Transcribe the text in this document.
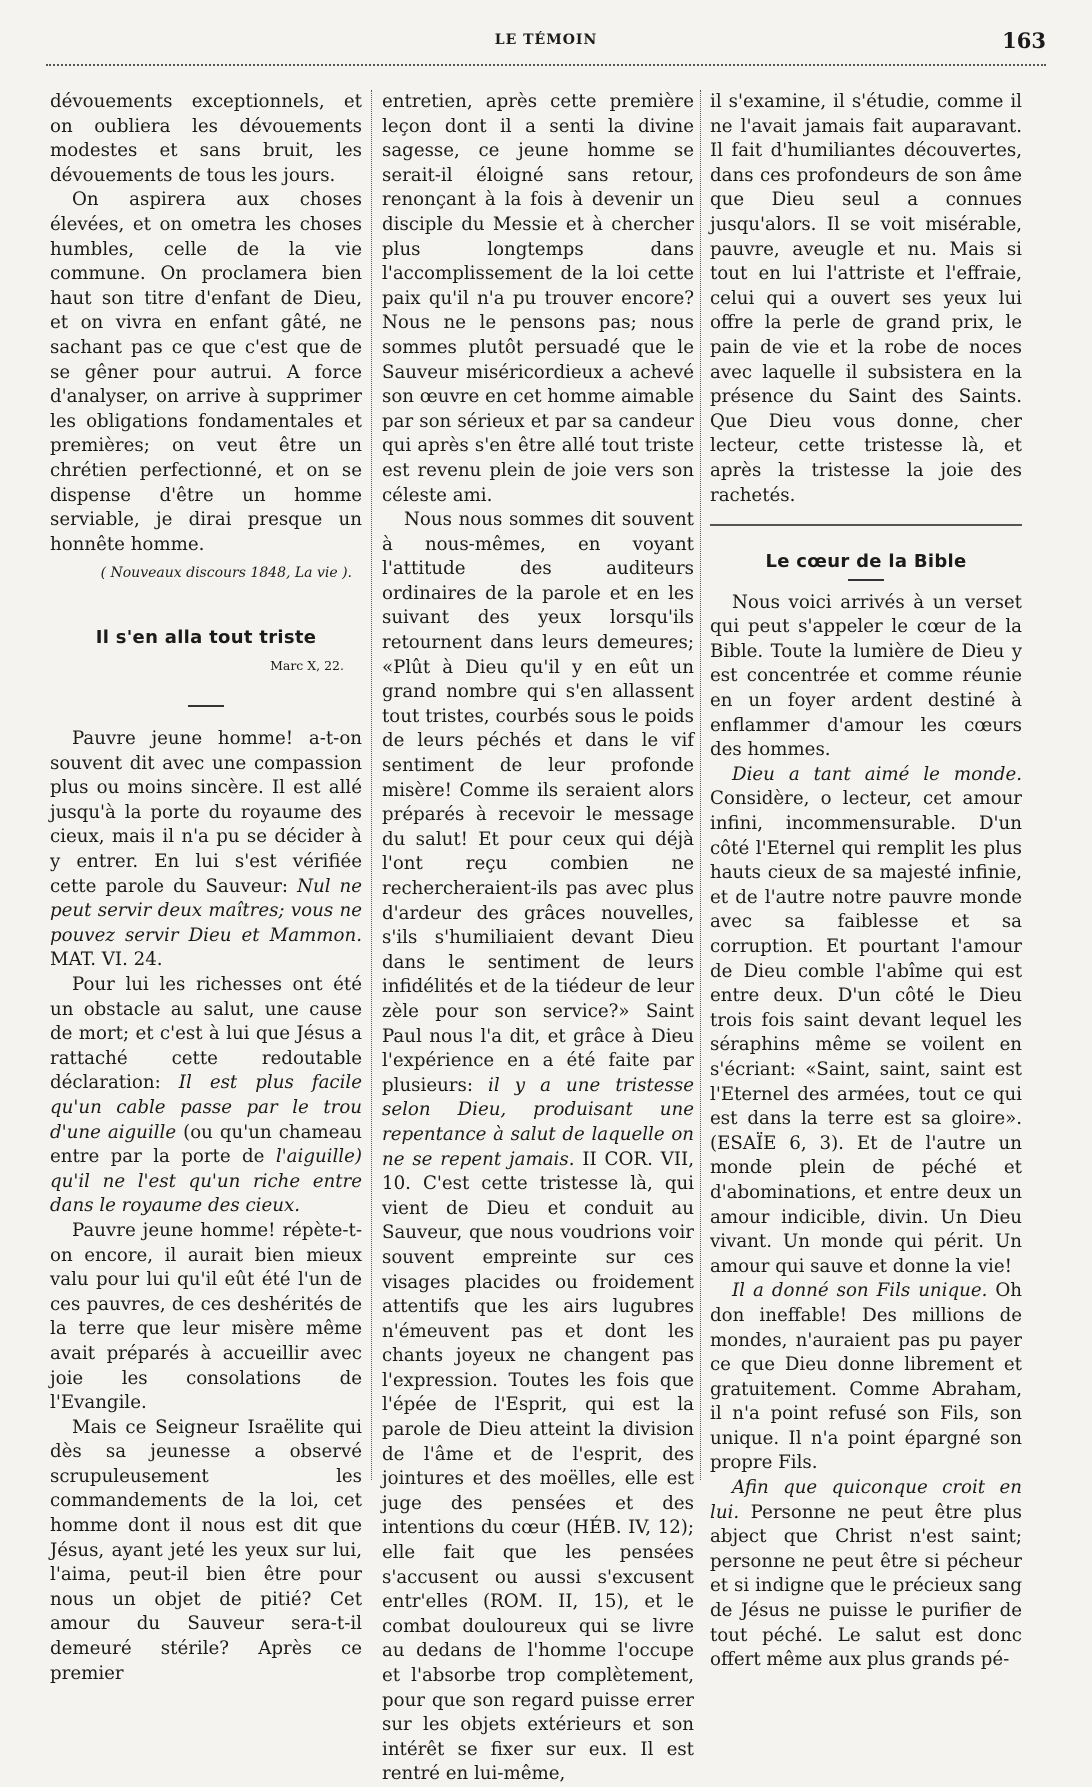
LE TÉMOIN	163

dévouements exceptionnels, et on oubliera les dévouements modestes et sans bruit, les dévouements de tous les jours.

On aspirera aux choses élevées, et on ometra les choses humbles, celle de la vie commune. On proclamera bien haut son titre d'enfant de Dieu, et on vivra en enfant gâté, ne sachant pas ce que c'est que de se gêner pour autrui. A force d'analyser, on arrive à supprimer les obligations fondamentales et premières; on veut être un chrétien perfectionné, et on se dispense d'être un homme serviable, je dirai presque un honnête homme.

( Nouveaux discours 1848, La vie ).

Il s'en alla tout triste
Marc X, 22.

Pauvre jeune homme! a-t-on souvent dit avec une compassion plus ou moins sincère. Il est allé jusqu'à la porte du royaume des cieux, mais il n'a pu se décider à y entrer. En lui s'est vérifiée cette parole du Sauveur: Nul ne peut servir deux maîtres; vous ne pouvez servir Dieu et Mammon. MAT. VI. 24.

Pour lui les richesses ont été un obstacle au salut, une cause de mort; et c'est à lui que Jésus a rattaché cette redoutable déclaration: Il est plus facile qu'un cable passe par le trou d'une aiguille (ou qu'un chameau entre par la porte de l'aiguille) qu'il ne l'est qu'un riche entre dans le royaume des cieux.

Pauvre jeune homme! répète-t-on encore, il aurait bien mieux valu pour lui qu'il eût été l'un de ces pauvres, de ces deshérités de la terre que leur misère même avait préparés à accueillir avec joie les consolations de l'Evangile.

Mais ce Seigneur Israëlite qui dès sa jeunesse a observé scrupuleusement les commandements de la loi, cet homme dont il nous est dit que Jésus, ayant jeté les yeux sur lui, l'aima, peut-il bien être pour nous un objet de pitié? Cet amour du Sauveur sera-t-il demeuré stérile? Après ce premier

entretien, après cette première leçon dont il a senti la divine sagesse, ce jeune homme se serait-il éloigné sans retour, renonçant à la fois à devenir un disciple du Messie et à chercher plus longtemps dans l'accomplissement de la loi cette paix qu'il n'a pu trouver encore? Nous ne le pensons pas; nous sommes plutôt persuadé que le Sauveur miséricordieux a achevé son œuvre en cet homme aimable par son sérieux et par sa candeur qui après s'en être allé tout triste est revenu plein de joie vers son céleste ami.

Nous nous sommes dit souvent à nous-mêmes, en voyant l'attitude des auditeurs ordinaires de la parole et en les suivant des yeux lorsqu'ils retournent dans leurs demeures; «Plût à Dieu qu'il y en eût un grand nombre qui s'en allassent tout tristes, courbés sous le poids de leurs péchés et dans le vif sentiment de leur profonde misère! Comme ils seraient alors préparés à recevoir le message du salut! Et pour ceux qui déjà l'ont reçu combien ne rechercheraient-ils pas avec plus d'ardeur des grâces nouvelles, s'ils s'humiliaient devant Dieu dans le sentiment de leurs infidélités et de la tiédeur de leur zèle pour son service?» Saint Paul nous l'a dit, et grâce à Dieu l'expérience en a été faite par plusieurs: il y a une tristesse selon Dieu, produisant une repentance à salut de laquelle on ne se repent jamais. II COR. VII, 10. C'est cette tristesse là, qui vient de Dieu et conduit au Sauveur, que nous voudrions voir souvent empreinte sur ces visages placides ou froidement attentifs que les airs lugubres n'émeuvent pas et dont les chants joyeux ne changent pas l'expression. Toutes les fois que l'épée de l'Esprit, qui est la parole de Dieu atteint la division de l'âme et de l'esprit, des jointures et des moëlles, elle est juge des pensées et des intentions du cœur (HÉB. IV, 12); elle fait que les pensées s'accusent ou aussi s'excusent entr'elles (ROM. II, 15), et le combat douloureux qui se livre au dedans de l'homme l'occupe et l'absorbe trop complètement, pour que son regard puisse errer sur les objets extérieurs et son intérêt se fixer sur eux. Il est rentré en lui-même,

il s'examine, il s'étudie, comme il ne l'avait jamais fait auparavant. Il fait d'humiliantes découvertes, dans ces profondeurs de son âme que Dieu seul a connues jusqu'alors. Il se voit misérable, pauvre, aveugle et nu. Mais si tout en lui l'attriste et l'effraie, celui qui a ouvert ses yeux lui offre la perle de grand prix, le pain de vie et la robe de noces avec laquelle il subsistera en la présence du Saint des Saints. Que Dieu vous donne, cher lecteur, cette tristesse là, et après la tristesse la joie des rachetés.

Le cœur de la Bible

Nous voici arrivés à un verset qui peut s'appeler le cœur de la Bible. Toute la lumière de Dieu y est concentrée et comme réunie en un foyer ardent destiné à enflammer d'amour les cœurs des hommes.

Dieu a tant aimé le monde. Considère, o lecteur, cet amour infini, incommensurable. D'un côté l'Eternel qui remplit les plus hauts cieux de sa majesté infinie, et de l'autre notre pauvre monde avec sa faiblesse et sa corruption. Et pourtant l'amour de Dieu comble l'abîme qui est entre deux. D'un côté le Dieu trois fois saint devant lequel les séraphins même se voilent en s'écriant: «Saint, saint, saint est l'Eternel des armées, tout ce qui est dans la terre est sa gloire». (ESAÏE 6, 3). Et de l'autre un monde plein de péché et d'abominations, et entre deux un amour indicible, divin. Un Dieu vivant. Un monde qui périt. Un amour qui sauve et donne la vie!

Il a donné son Fils unique. Oh don ineffable! Des millions de mondes, n'auraient pas pu payer ce que Dieu donne librement et gratuitement. Comme Abraham, il n'a point refusé son Fils, son unique. Il n'a point épargné son propre Fils.

Afin que quiconque croit en lui. Personne ne peut être plus abject que Christ n'est saint; personne ne peut être si pécheur et si indigne que le précieux sang de Jésus ne puisse le purifier de tout péché. Le salut est donc offert même aux plus grands pé-
